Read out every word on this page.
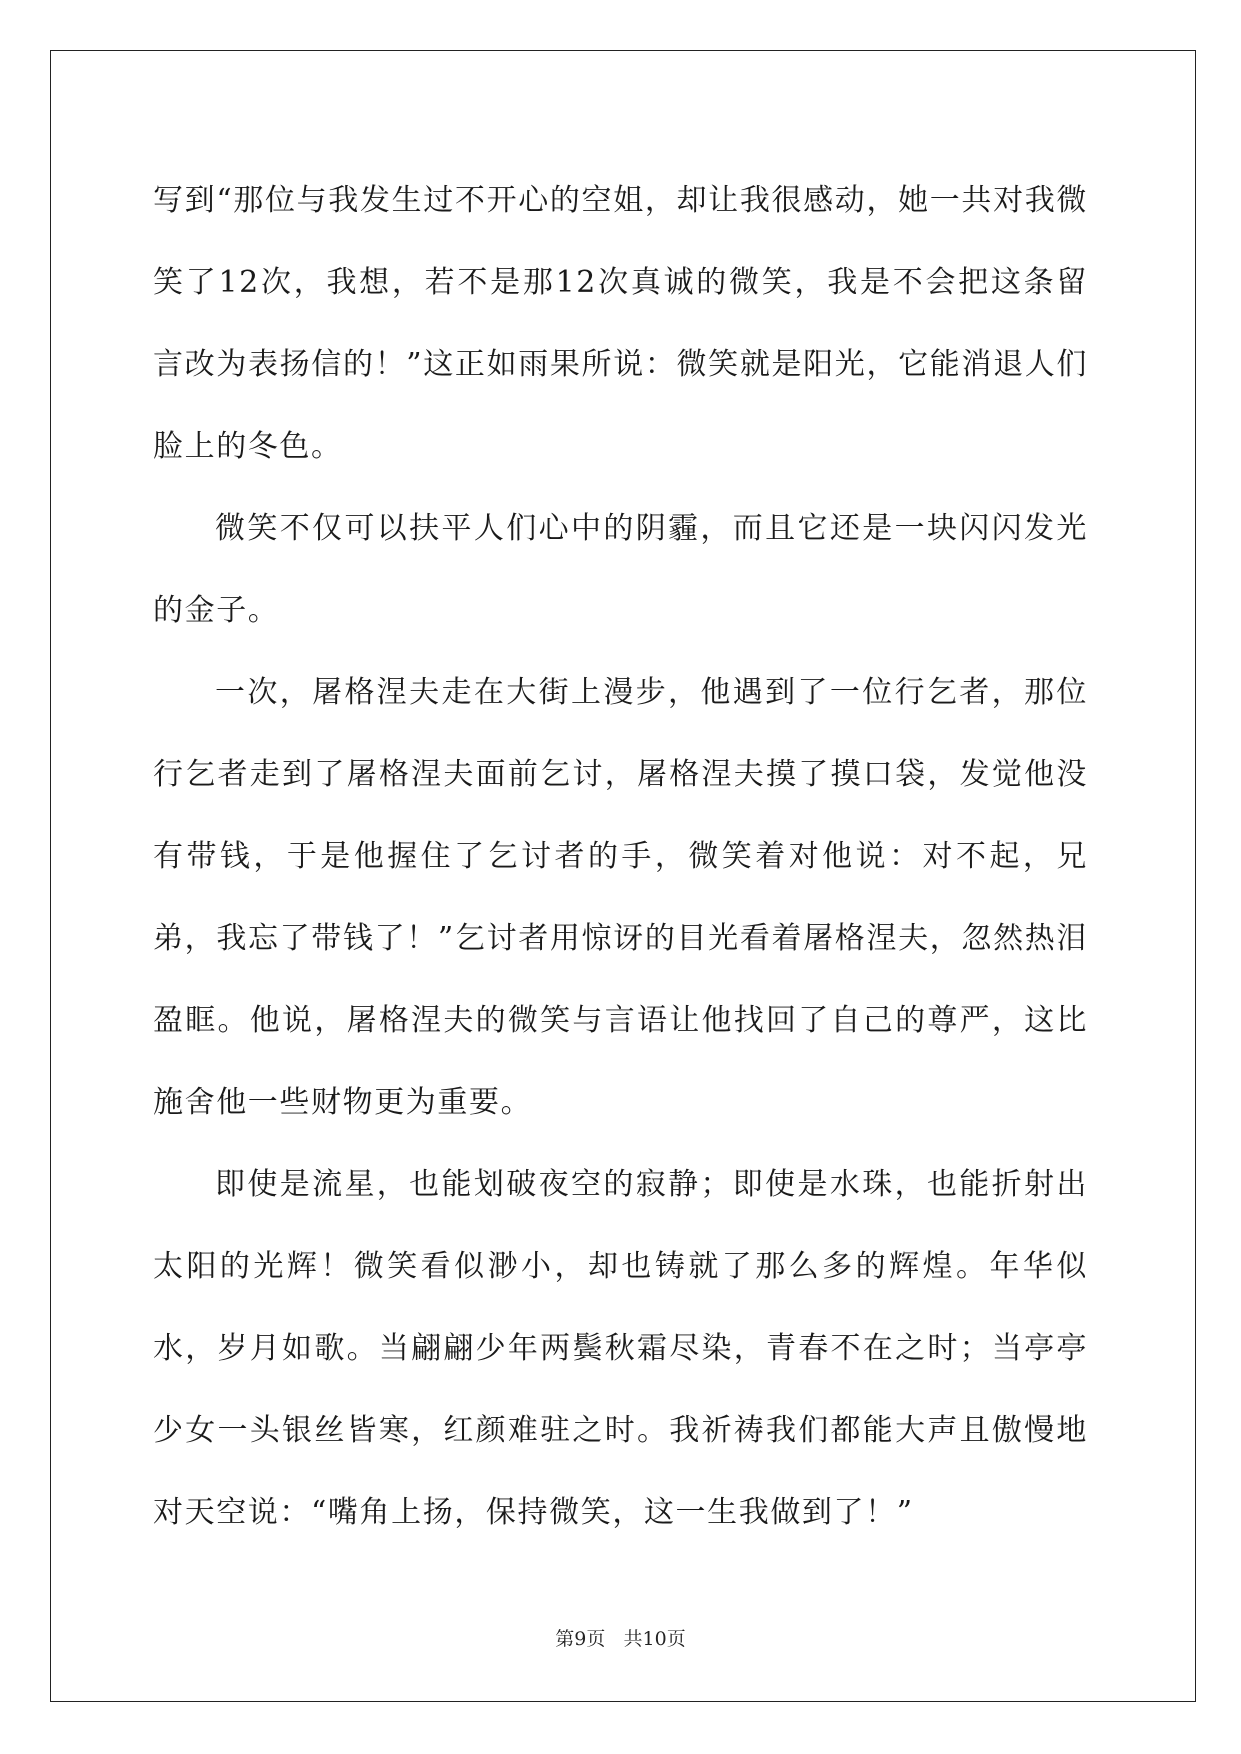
写到“那位与我发生过不开心的空姐，却让我很感动，她一共对我微笑了12次，我想，若不是那12次真诚的微笑，我是不会把这条留言改为表扬信的！”这正如雨果所说：微笑就是阳光，它能消退人们脸上的冬色。

微笑不仅可以扶平人们心中的阴霾，而且它还是一块闪闪发光的金子。

一次，屠格涅夫走在大街上漫步，他遇到了一位行乞者，那位行乞者走到了屠格涅夫面前乞讨，屠格涅夫摸了摸口袋，发觉他没有带钱，于是他握住了乞讨者的手，微笑着对他说：对不起，兄弟，我忘了带钱了！”乞讨者用惊讶的目光看着屠格涅夫，忽然热泪盈眶。他说，屠格涅夫的微笑与言语让他找回了自己的尊严，这比施舍他一些财物更为重要。

即使是流星，也能划破夜空的寂静；即使是水珠，也能折射出太阳的光辉！微笑看似渺小，却也铸就了那么多的辉煌。年华似水，岁月如歌。当翩翩少年两鬓秋霜尽染，青春不在之时；当亭亭少女一头银丝皆寒，红颜难驻之时。我祈祷我们都能大声且傲慢地对天空说：“嘴角上扬，保持微笑，这一生我做到了！”

第9页 共10页
